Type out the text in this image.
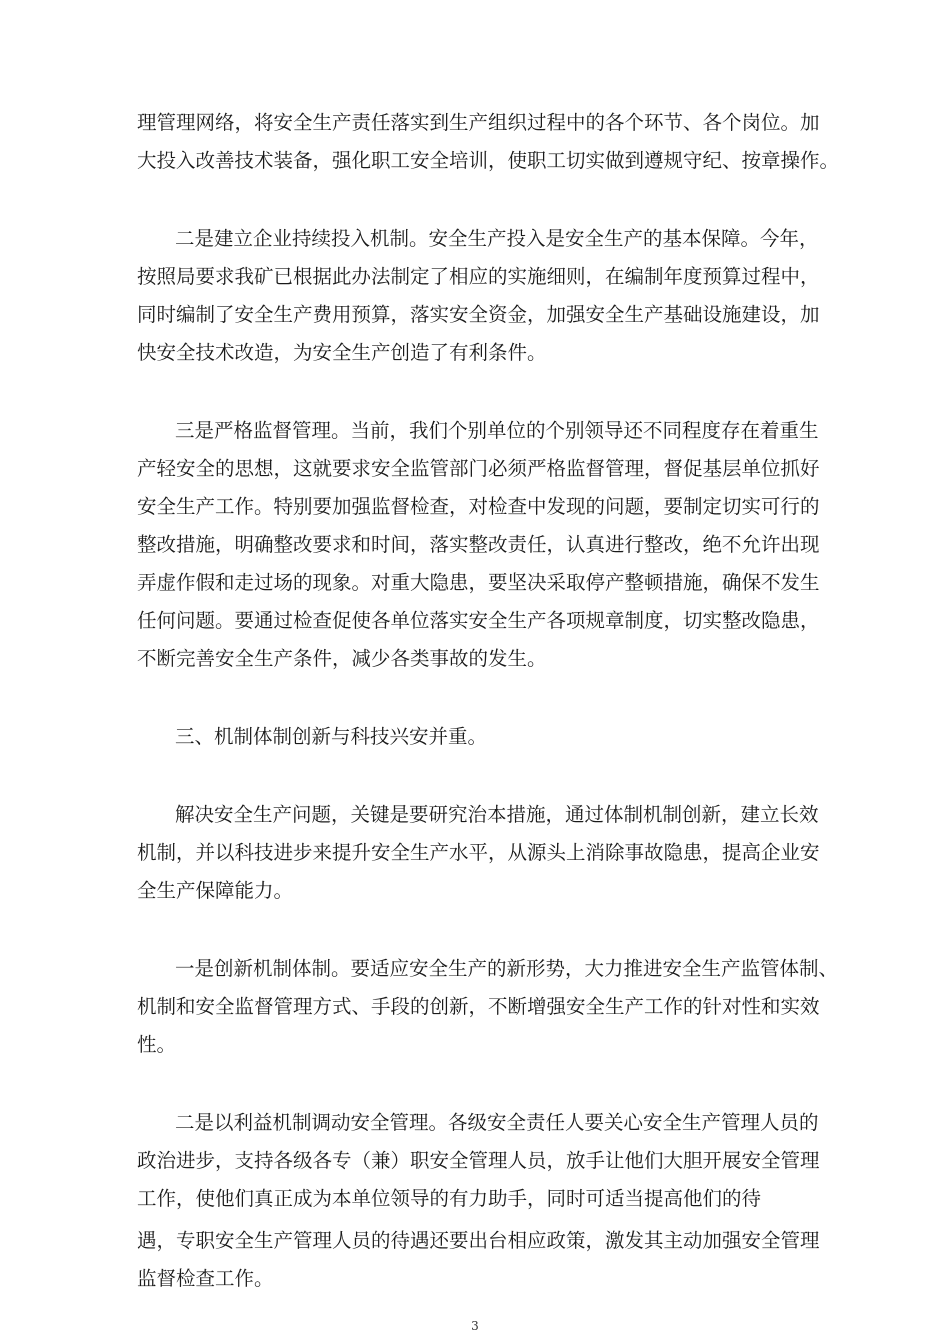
理管理网络，将安全生产责任落实到生产组织过程中的各个环节、各个岗位。加
大投入改善技术装备，强化职工安全培训，使职工切实做到遵规守纪、按章操作。
二是建立企业持续投入机制。安全生产投入是安全生产的基本保障。今年，
按照局要求我矿已根据此办法制定了相应的实施细则，在编制年度预算过程中，
同时编制了安全生产费用预算，落实安全资金，加强安全生产基础设施建设，加
快安全技术改造，为安全生产创造了有利条件。
三是严格监督管理。当前，我们个别单位的个别领导还不同程度存在着重生
产轻安全的思想，这就要求安全监管部门必须严格监督管理，督促基层单位抓好
安全生产工作。特别要加强监督检查，对检查中发现的问题，要制定切实可行的
整改措施，明确整改要求和时间，落实整改责任，认真进行整改，绝不允许出现
弄虚作假和走过场的现象。对重大隐患，要坚决采取停产整顿措施，确保不发生
任何问题。要通过检查促使各单位落实安全生产各项规章制度，切实整改隐患，
不断完善安全生产条件，减少各类事故的发生。
三、机制体制创新与科技兴安并重。
解决安全生产问题，关键是要研究治本措施，通过体制机制创新，建立长效
机制，并以科技进步来提升安全生产水平，从源头上消除事故隐患，提高企业安
全生产保障能力。
一是创新机制体制。要适应安全生产的新形势，大力推进安全生产监管体制、
机制和安全监督管理方式、手段的创新，不断增强安全生产工作的针对性和实效
性。
二是以利益机制调动安全管理。各级安全责任人要关心安全生产管理人员的
政治进步，支持各级各专（兼）职安全管理人员，放手让他们大胆开展安全管理
工作，使他们真正成为本单位领导的有力助手，同时可适当提高他们的待
遇，专职安全生产管理人员的待遇还要出台相应政策，激发其主动加强安全管理
监督检查工作。
3
